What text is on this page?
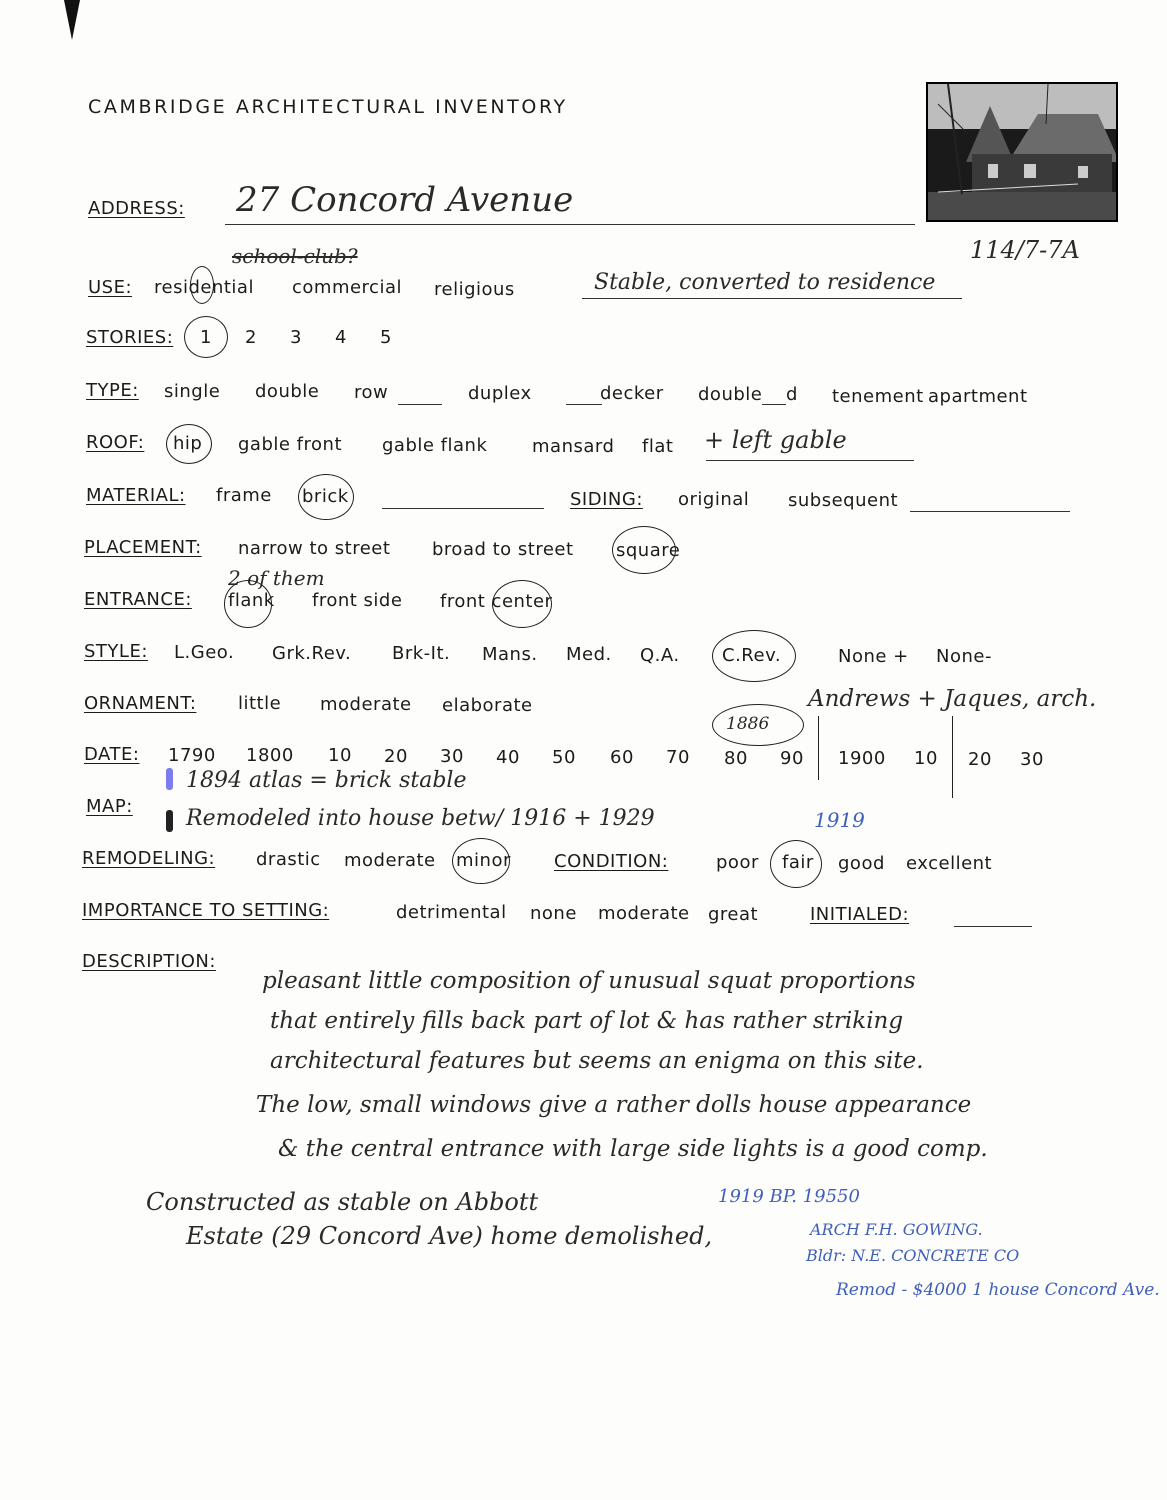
CAMBRIDGE ARCHITECTURAL INVENTORY
ADDRESS: 27 Concord Avenue
114/7-7A
school-club?
USE: residential commercial religious	Stable, converted to residence
STORIES: 1 2 3 4 5
TYPE: single double row	duplex	decker double d tenement apartment
ROOF: hip gable front gable flank mansard flat + left gable
MATERIAL: frame brick	SIDING: original subsequent
PLACEMENT: narrow to street broad to street square
2 of them
ENTRANCE: flank front side front center
STYLE: L.Geo. Grk.Rev. Brk-It. Mans. Med. Q.A. C.Rev.	None + None-
ORNAMENT: little moderate elaborate	Andrews + Jaques, arch.
1886
DATE: 1790 1800 10 20 30 40 50 60 70 80 90 1900 10 20 30
1894 atlas = brick stable
MAP: Remodeled into house betw/ 1916 + 1929	1919
REMODELING: drastic moderate minor CONDITION:	poor fair good excellent
IMPORTANCE TO SETTING:	detrimental none moderate great	INITIALED:
DESCRIPTION:
pleasant little composition of unusual squat proportions
that entirely fills back part of lot & has rather striking
architectural features but seems an enigma on this site.
The low, small windows give a rather dolls house appearance
& the central entrance with large side lights is a good comp.
Constructed as stable on Abbott
Estate (29 Concord Ave) home demolished,
1919 BP. 19550
ARCH F.H. GOWING.
Bldr: N.E. CONCRETE CO
Remod - $4000 1 house Concord Ave.
